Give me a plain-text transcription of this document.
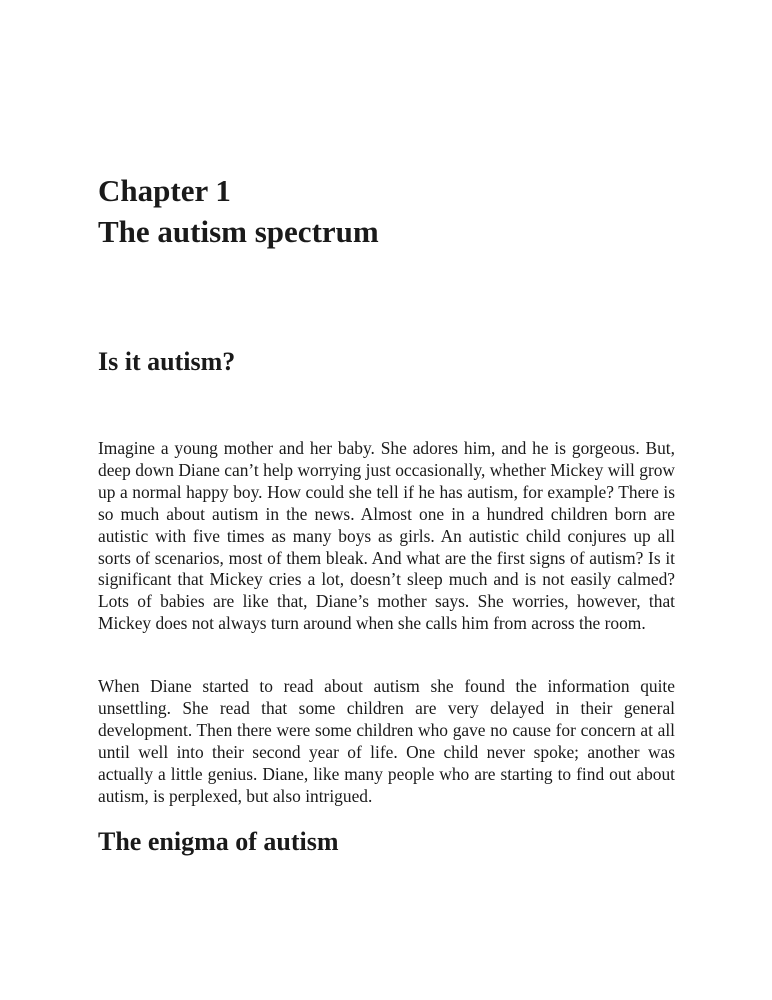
Chapter 1
The autism spectrum
Is it autism?

Imagine a young mother and her baby. She adores him, and he is gorgeous. But, deep down Diane can’t help worrying just occasionally, whether Mickey will grow up a normal happy boy. How could she tell if he has autism, for example? There is so much about autism in the news. Almost one in a hundred children born are autistic with five times as many boys as girls. An autistic child conjures up all sorts of scenarios, most of them bleak. And what are the first signs of autism? Is it significant that Mickey cries a lot, doesn’t sleep much and is not easily calmed? Lots of babies are like that, Diane’s mother says. She worries, however, that Mickey does not always turn around when she calls him from across the room.

When Diane started to read about autism she found the information quite unsettling. She read that some children are very delayed in their general development. Then there were some children who gave no cause for concern at all until well into their second year of life. One child never spoke; another was actually a little genius. Diane, like many people who are starting to find out about autism, is perplexed, but also intrigued.

The enigma of autism
